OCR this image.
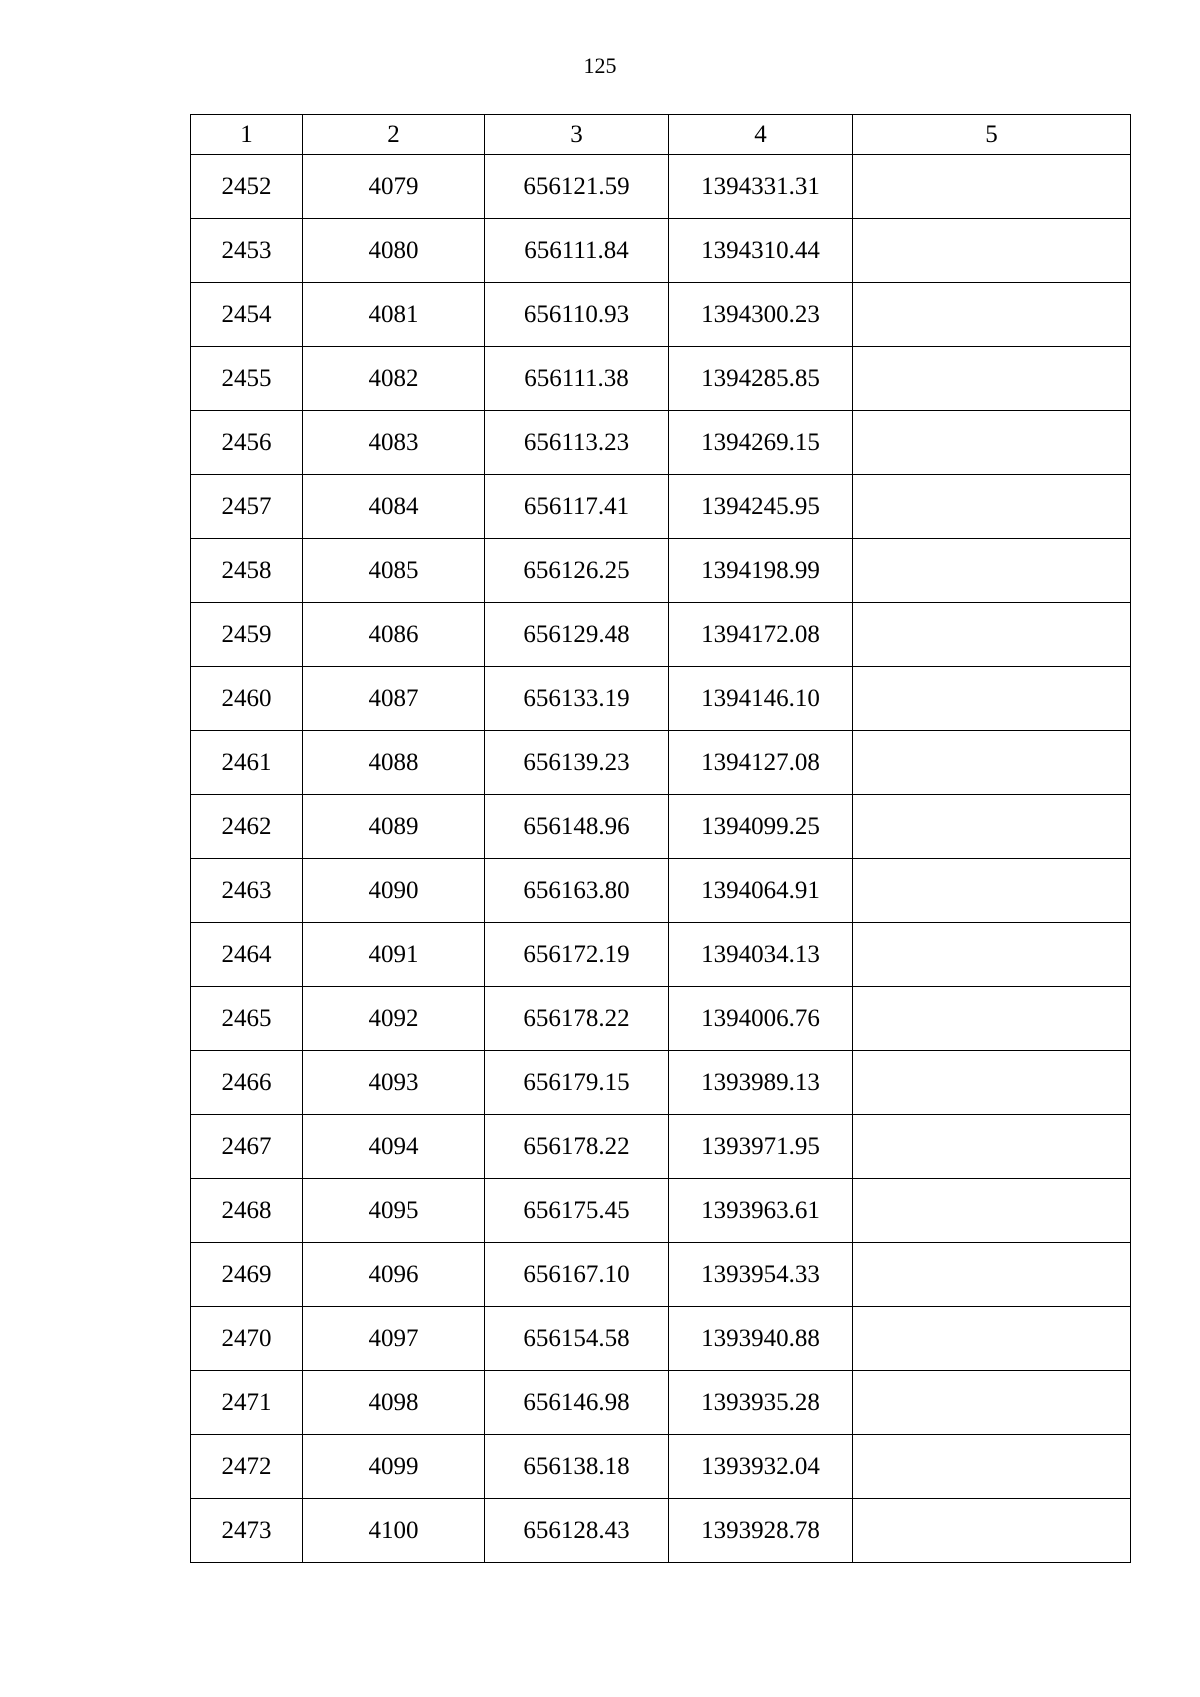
125
1	2	3	4	5
2452	4079	656121.59	1394331.31	
2453	4080	656111.84	1394310.44	
2454	4081	656110.93	1394300.23	
2455	4082	656111.38	1394285.85	
2456	4083	656113.23	1394269.15	
2457	4084	656117.41	1394245.95	
2458	4085	656126.25	1394198.99	
2459	4086	656129.48	1394172.08	
2460	4087	656133.19	1394146.10	
2461	4088	656139.23	1394127.08	
2462	4089	656148.96	1394099.25	
2463	4090	656163.80	1394064.91	
2464	4091	656172.19	1394034.13	
2465	4092	656178.22	1394006.76	
2466	4093	656179.15	1393989.13	
2467	4094	656178.22	1393971.95	
2468	4095	656175.45	1393963.61	
2469	4096	656167.10	1393954.33	
2470	4097	656154.58	1393940.88	
2471	4098	656146.98	1393935.28	
2472	4099	656138.18	1393932.04	
2473	4100	656128.43	1393928.78	
